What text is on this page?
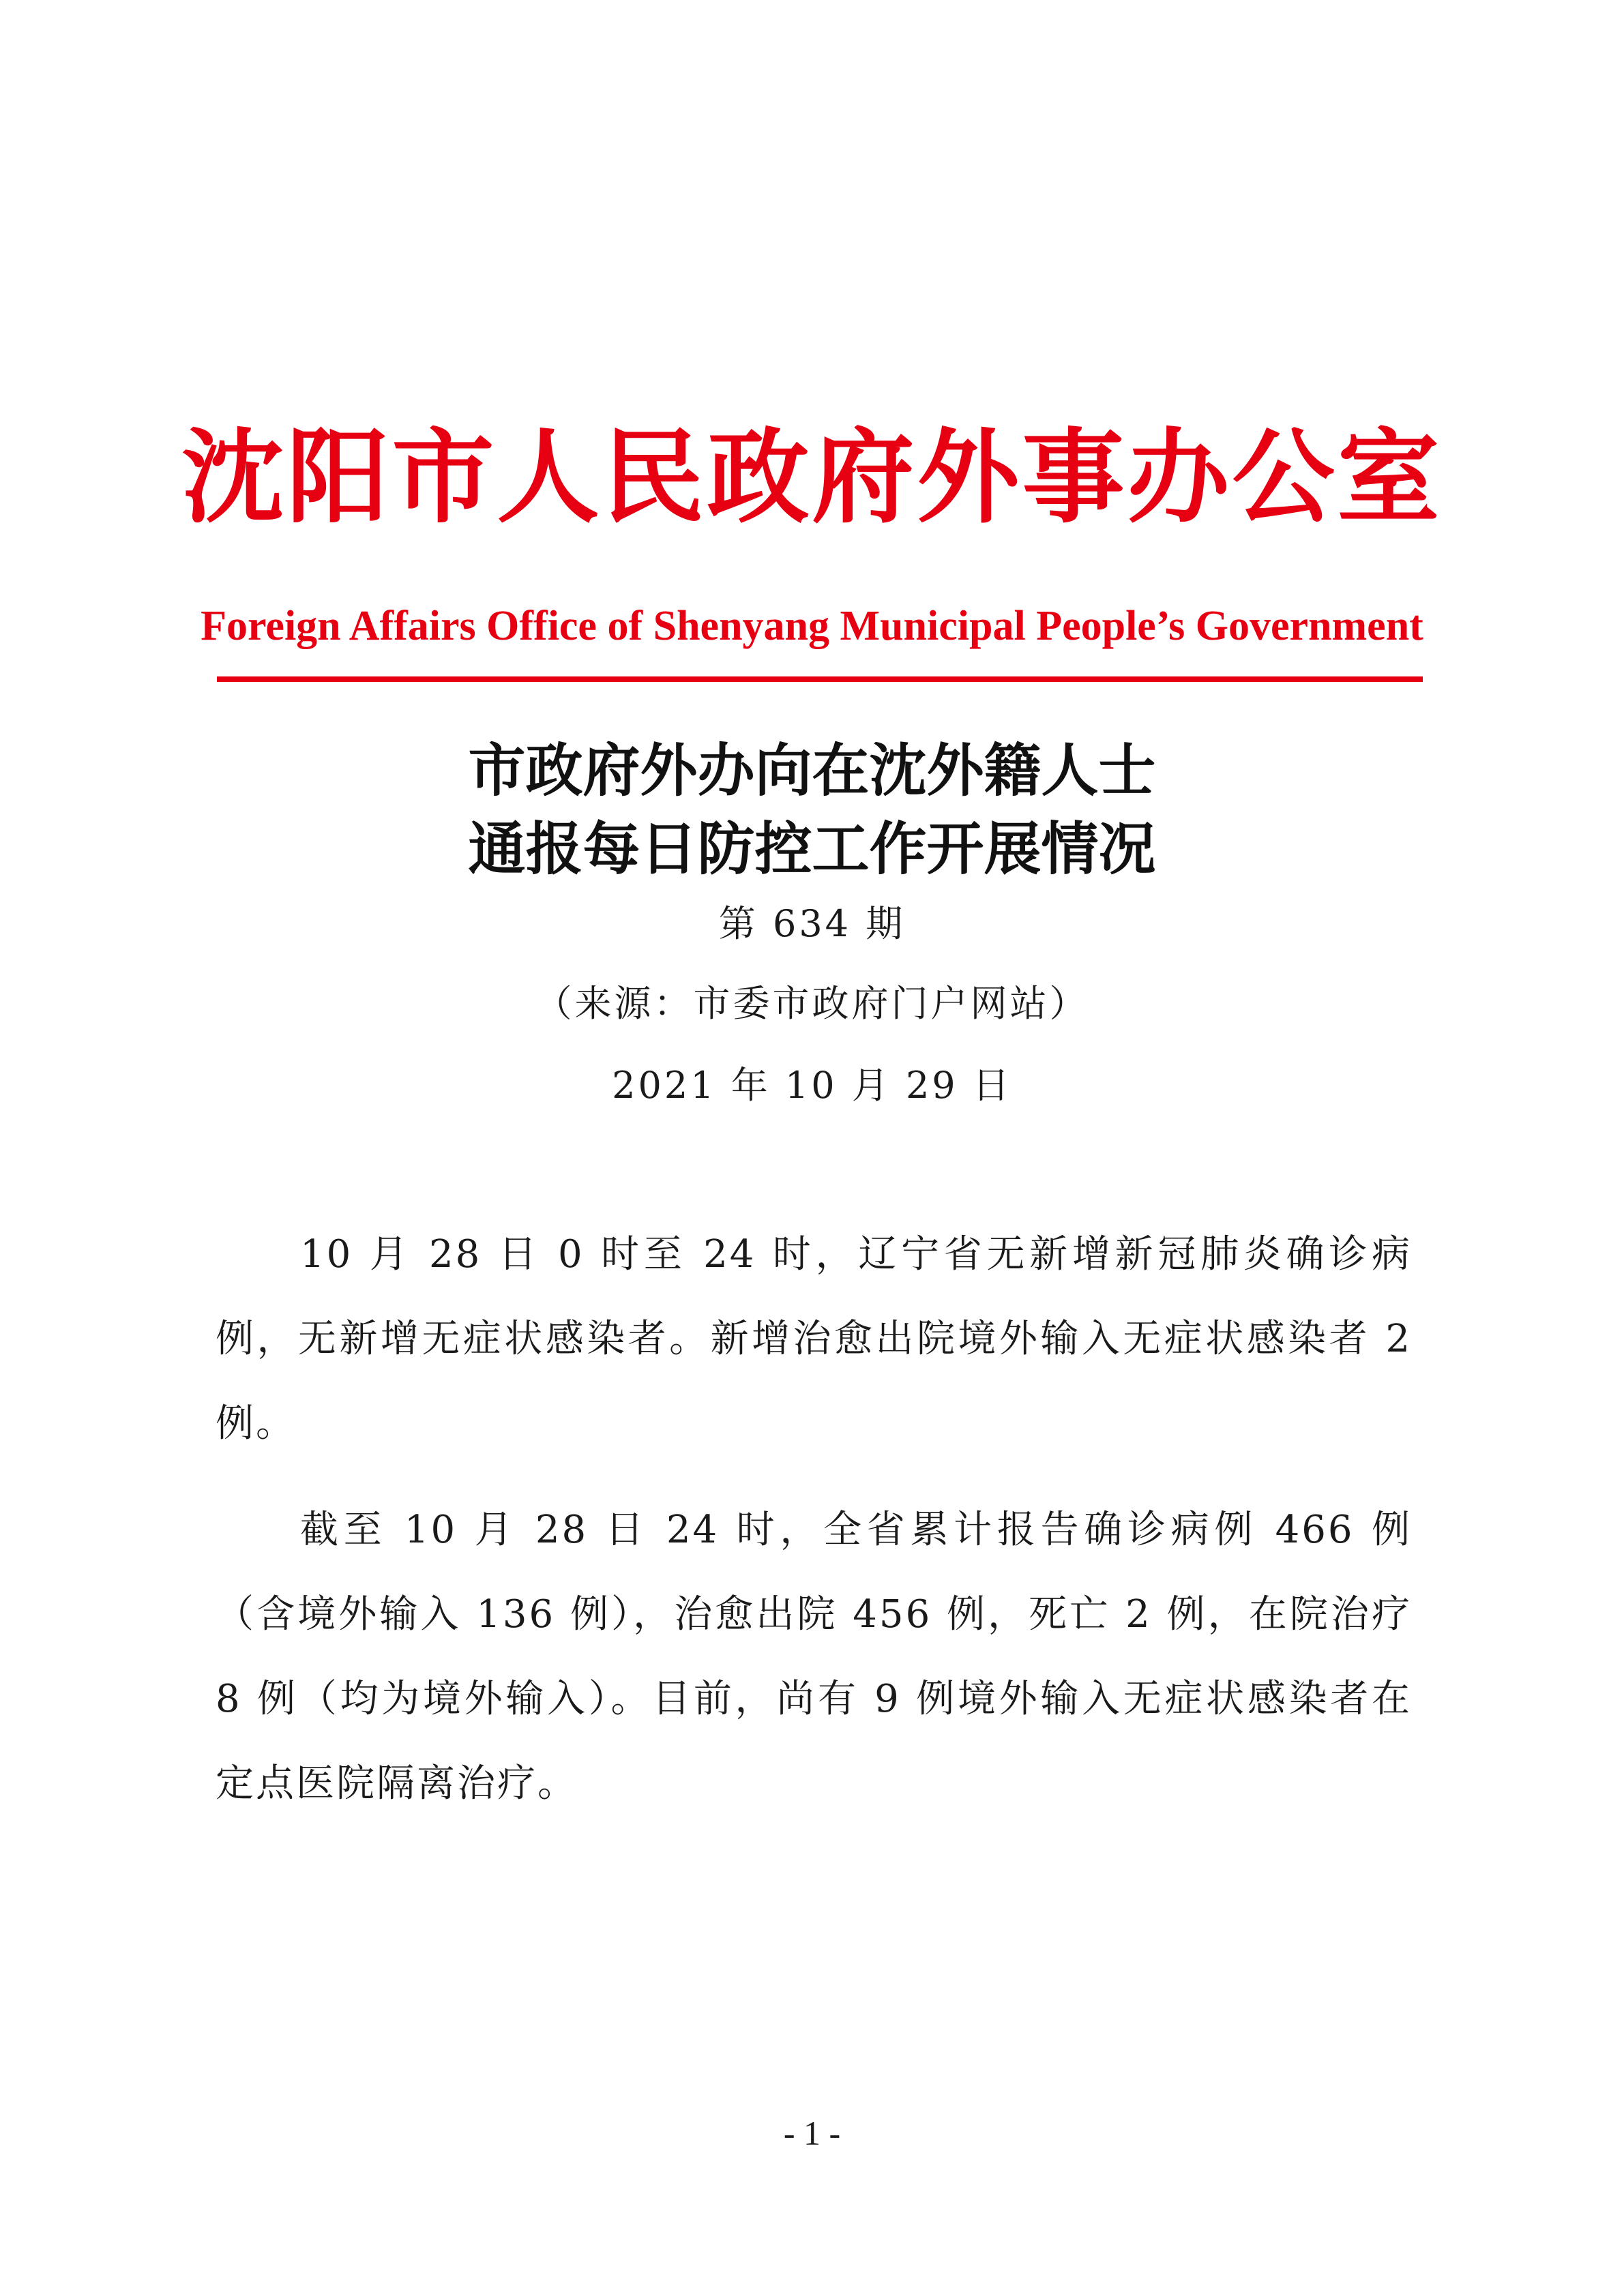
沈阳市人民政府外事办公室
Foreign Affairs Office of Shenyang Municipal People’s Government
市政府外办向在沈外籍人士
通报每日防控工作开展情况
第 634 期
（来源：市委市政府门户网站）
2021 年 10 月 29 日

10 月 28 日 0 时至 24 时，辽宁省无新增新冠肺炎确诊病例，无新增无症状感染者。新增治愈出院境外输入无症状感染者 2 例。

截至 10 月 28 日 24 时，全省累计报告确诊病例 466 例（含境外输入 136 例），治愈出院 456 例，死亡 2 例，在院治疗 8 例（均为境外输入）。目前，尚有 9 例境外输入无症状感染者在定点医院隔离治疗。

- 1 -
